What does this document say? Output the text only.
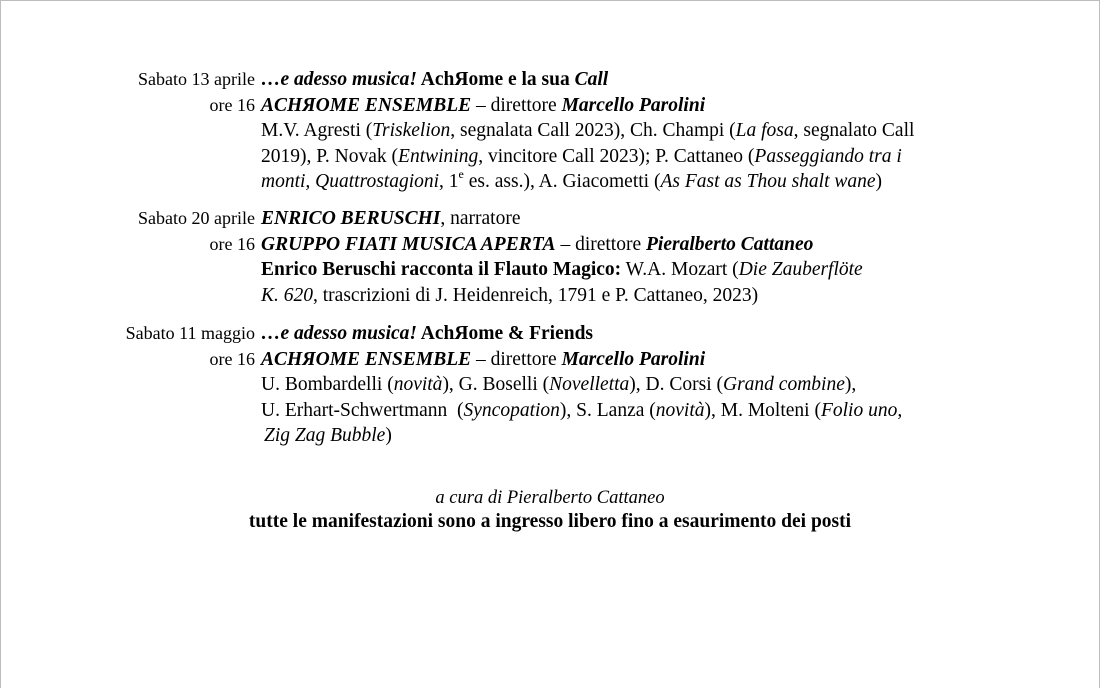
Sabato 13 aprile …e adesso musica! AchЯome e la sua Call
ore 16 ACHЯOME ENSEMBLE – direttore Marcello Parolini
M.V. Agresti (Triskelion, segnalata Call 2023), Ch. Champi (La fosa, segnalato Call
2019), P. Novak (Entwining, vincitore Call 2023); P. Cattaneo (Passeggiando tra i
monti, Quattrostagioni, 1e es. ass.), A. Giacometti (As Fast as Thou shalt wane)
Sabato 20 aprile ENRICO BERUSCHI, narratore
ore 16 GRUPPO FIATI MUSICA APERTA – direttore Pieralberto Cattaneo
Enrico Beruschi racconta il Flauto Magico: W.A. Mozart (Die Zauberflöte
K. 620, trascrizioni di J. Heidenreich, 1791 e P. Cattaneo, 2023)
Sabato 11 maggio …e adesso musica! AchЯome & Friends
ore 16 ACHЯOME ENSEMBLE – direttore Marcello Parolini
U. Bombardelli (novità), G. Boselli (Novelletta), D. Corsi (Grand combine),
U. Erhart-Schwertmann  (Syncopation), S. Lanza (novità), M. Molteni (Folio uno,
Zig Zag Bubble)
a cura di Pieralberto Cattaneo
tutte le manifestazioni sono a ingresso libero fino a esaurimento dei posti
